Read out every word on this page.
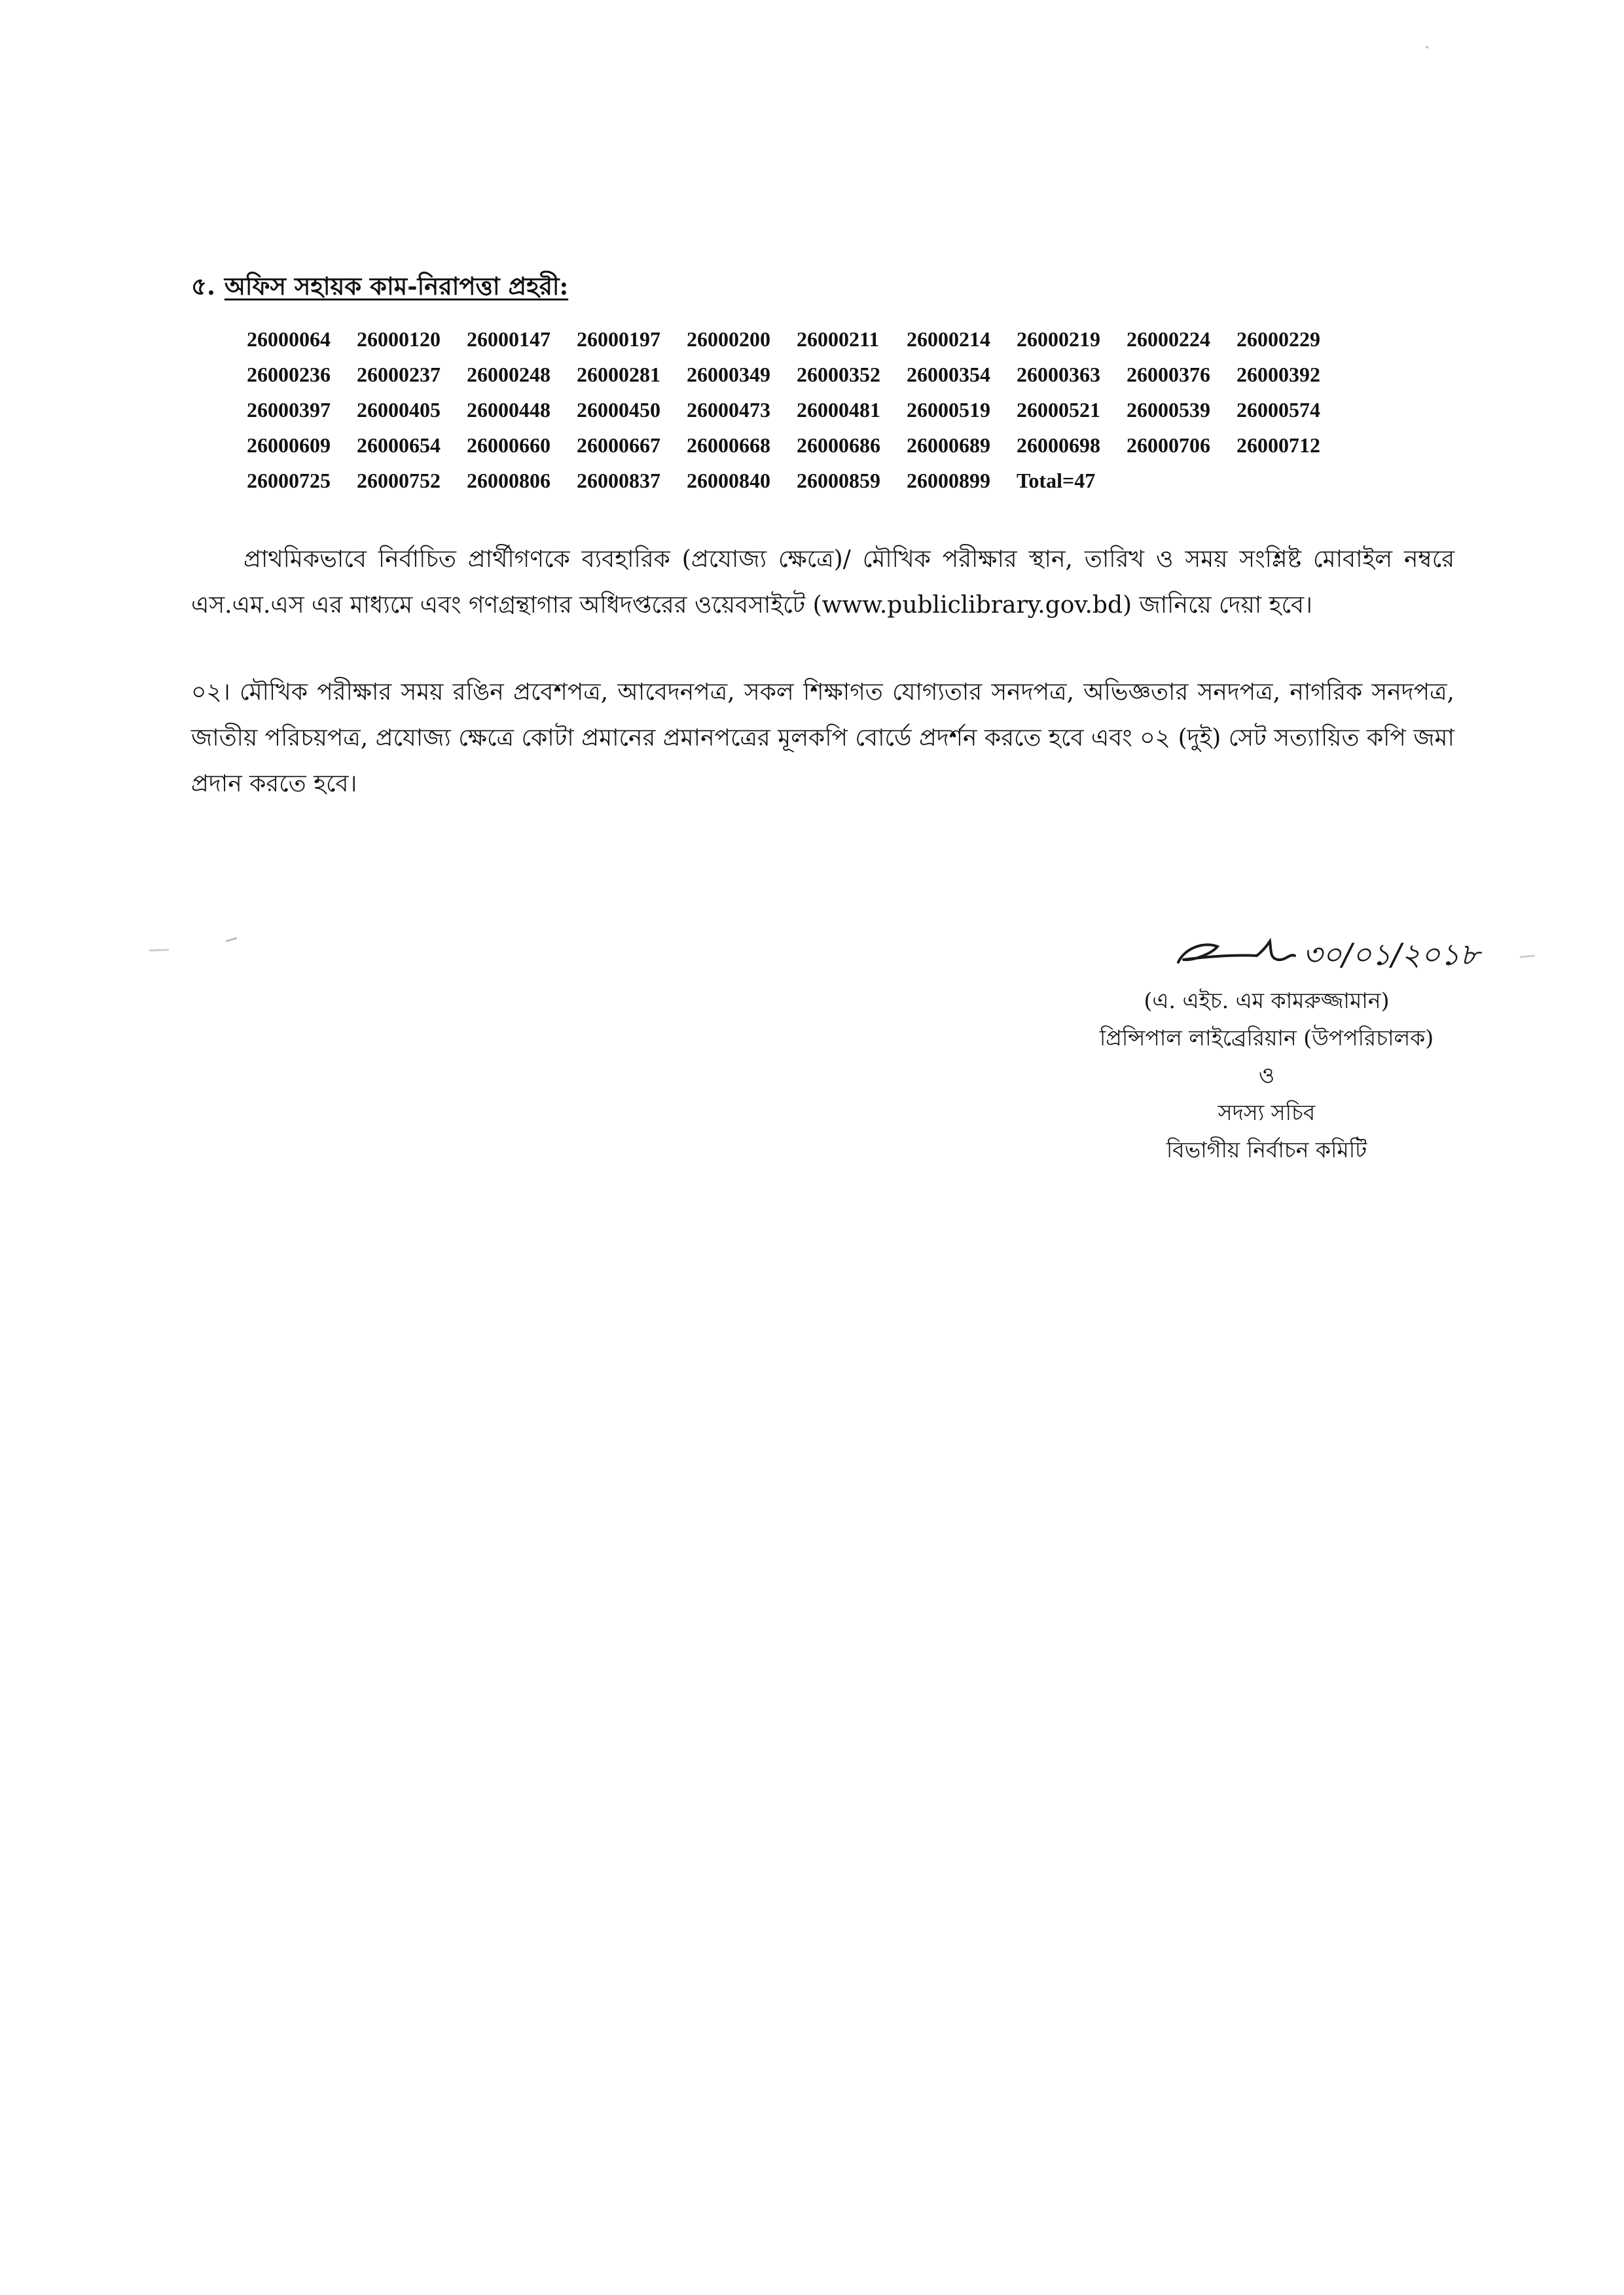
৫. অফিস সহায়ক কাম-নিরাপত্তা প্রহরী:
26000064	26000120	26000147	26000197	26000200	26000211	26000214	26000219	26000224	26000229
26000236	26000237	26000248	26000281	26000349	26000352	26000354	26000363	26000376	26000392
26000397	26000405	26000448	26000450	26000473	26000481	26000519	26000521	26000539	26000574
26000609	26000654	26000660	26000667	26000668	26000686	26000689	26000698	26000706	26000712
26000725	26000752	26000806	26000837	26000840	26000859	26000899	Total=47
প্রাথমিকভাবে নির্বাচিত প্রার্থীগণকে ব্যবহারিক (প্রযোজ্য ক্ষেত্রে)/ মৌখিক পরীক্ষার স্থান, তারিখ ও সময় সংশ্লিষ্ট মোবাইল নম্বরে এস.এম.এস এর মাধ্যমে এবং গণগ্রন্থাগার অধিদপ্তরের ওয়েবসাইটে (www.publiclibrary.gov.bd) জানিয়ে দেয়া হবে।
০২। মৌখিক পরীক্ষার সময় রঙিন প্রবেশপত্র, আবেদনপত্র, সকল শিক্ষাগত যোগ্যতার সনদপত্র, অভিজ্ঞতার সনদপত্র, নাগরিক সনদপত্র, জাতীয় পরিচয়পত্র, প্রযোজ্য ক্ষেত্রে কোটা প্রমানের প্রমানপত্রের মূলকপি বোর্ডে প্রদর্শন করতে হবে এবং ০২ (দুই) সেট সত্যায়িত কপি জমা প্রদান করতে হবে।
৩০/০১/২০১৮
(এ. এইচ. এম কামরুজ্জামান)
প্রিন্সিপাল লাইব্রেরিয়ান (উপপরিচালক)
ও
সদস্য সচিব
বিভাগীয় নির্বাচন কমিটি
